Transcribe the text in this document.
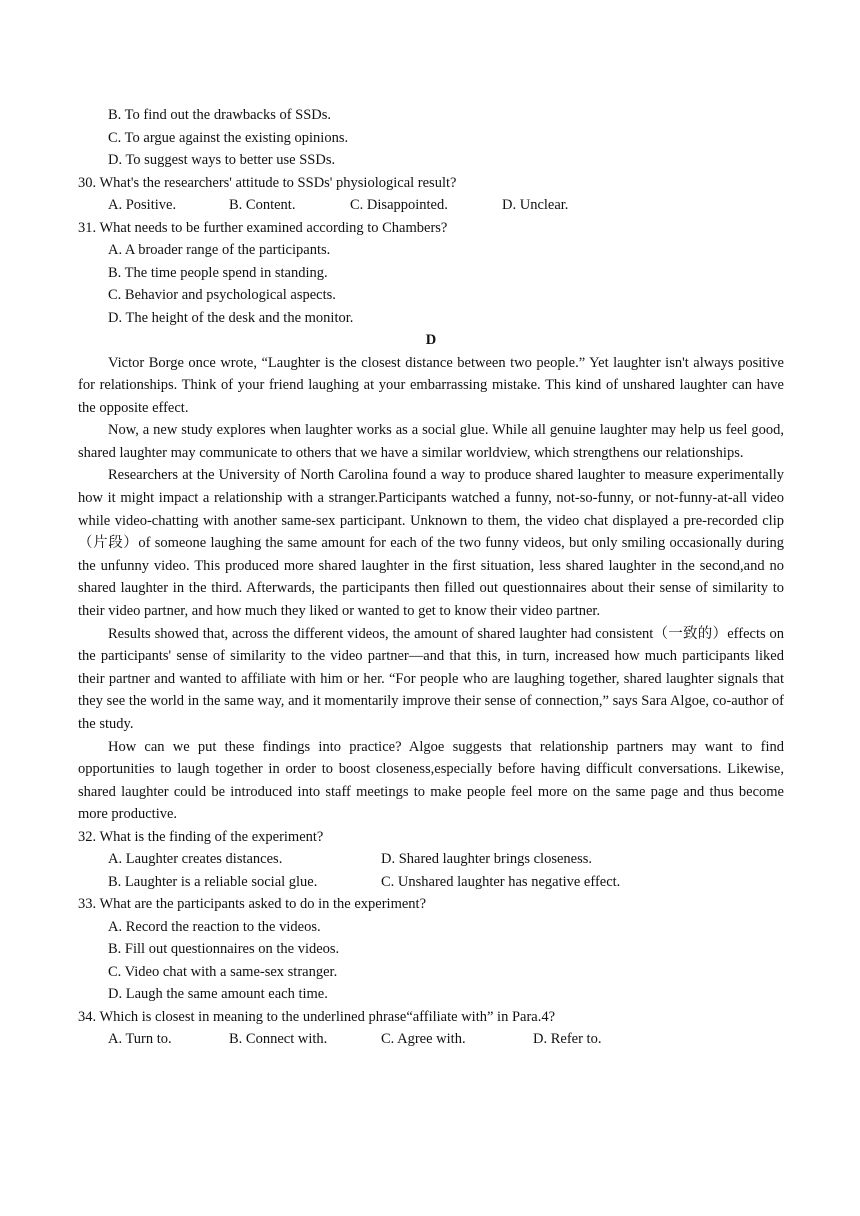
B. To find out the drawbacks of SSDs.
C. To argue against the existing opinions.
D. To suggest ways to better use SSDs.
30. What's the researchers' attitude to SSDs' physiological result?
A. Positive.	B. Content.	C. Disappointed.	D. Unclear.
31. What needs to be further examined according to Chambers?
A. A broader range of the participants.
B. The time people spend in standing.
C. Behavior and psychological aspects.
D. The height of the desk and the monitor.
D

Victor Borge once wrote, “Laughter is the closest distance between two people.” Yet laughter isn't always positive for relationships. Think of your friend laughing at your embarrassing mistake. This kind of unshared laughter can have the opposite effect.

Now, a new study explores when laughter works as a social glue. While all genuine laughter may help us feel good, shared laughter may communicate to others that we have a similar worldview, which strengthens our relationships.

Researchers at the University of North Carolina found a way to produce shared laughter to measure experimentally how it might impact a relationship with a stranger.Participants watched a funny, not-so-funny, or not-funny-at-all video while video-chatting with another same-sex participant. Unknown to them, the video chat displayed a pre-recorded clip（片段）of someone laughing the same amount for each of the two funny videos, but only smiling occasionally during the unfunny video. This produced more shared laughter in the first situation, less shared laughter in the second,and no shared laughter in the third. Afterwards, the participants then filled out questionnaires about their sense of similarity to their video partner, and how much they liked or wanted to get to know their video partner.

Results showed that, across the different videos, the amount of shared laughter had consistent（一致的）effects on the participants' sense of similarity to the video partner—and that this, in turn, increased how much participants liked their partner and wanted to affiliate with him or her. “For people who are laughing together, shared laughter signals that they see the world in the same way, and it momentarily improve their sense of connection,” says Sara Algoe, co-author of the study.

How can we put these findings into practice? Algoe suggests that relationship partners may want to find opportunities to laugh together in order to boost closeness,especially before having difficult conversations. Likewise, shared laughter could be introduced into staff meetings to make people feel more on the same page and thus become more productive.

32. What is the finding of the experiment?
A. Laughter creates distances.	D. Shared laughter brings closeness.
B. Laughter is a reliable social glue.	C. Unshared laughter has negative effect.
33. What are the participants asked to do in the experiment?
A. Record the reaction to the videos.
B. Fill out questionnaires on the videos.
C. Video chat with a same-sex stranger.
D. Laugh the same amount each time.
34. Which is closest in meaning to the underlined phrase“affiliate with” in Para.4?
A. Turn to.	B. Connect with.	C. Agree with.	D. Refer to.
